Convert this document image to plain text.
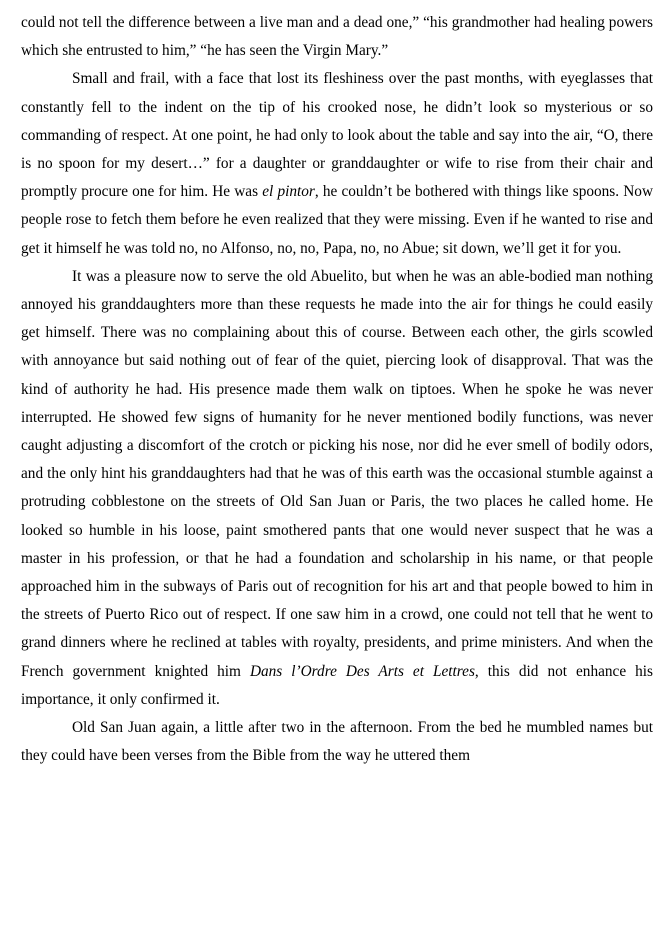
could not tell the difference between a live man and a dead one,” “his grandmother had healing powers which she entrusted to him,” “he has seen the Virgin Mary.”

Small and frail, with a face that lost its fleshiness over the past months, with eyeglasses that constantly fell to the indent on the tip of his crooked nose, he didn’t look so mysterious or so commanding of respect. At one point, he had only to look about the table and say into the air, “O, there is no spoon for my desert…” for a daughter or granddaughter or wife to rise from their chair and promptly procure one for him. He was el pintor, he couldn’t be bothered with things like spoons. Now people rose to fetch them before he even realized that they were missing. Even if he wanted to rise and get it himself he was told no, no Alfonso, no, no, Papa, no, no Abue; sit down, we’ll get it for you.

It was a pleasure now to serve the old Abuelito, but when he was an able-bodied man nothing annoyed his granddaughters more than these requests he made into the air for things he could easily get himself. There was no complaining about this of course. Between each other, the girls scowled with annoyance but said nothing out of fear of the quiet, piercing look of disapproval. That was the kind of authority he had. His presence made them walk on tiptoes. When he spoke he was never interrupted. He showed few signs of humanity for he never mentioned bodily functions, was never caught adjusting a discomfort of the crotch or picking his nose, nor did he ever smell of bodily odors, and the only hint his granddaughters had that he was of this earth was the occasional stumble against a protruding cobblestone on the streets of Old San Juan or Paris, the two places he called home. He looked so humble in his loose, paint smothered pants that one would never suspect that he was a master in his profession, or that he had a foundation and scholarship in his name, or that people approached him in the subways of Paris out of recognition for his art and that people bowed to him in the streets of Puerto Rico out of respect. If one saw him in a crowd, one could not tell that he went to grand dinners where he reclined at tables with royalty, presidents, and prime ministers. And when the French government knighted him Dans l’Ordre Des Arts et Lettres, this did not enhance his importance, it only confirmed it.

Old San Juan again, a little after two in the afternoon. From the bed he mumbled names but they could have been verses from the Bible from the way he uttered them
